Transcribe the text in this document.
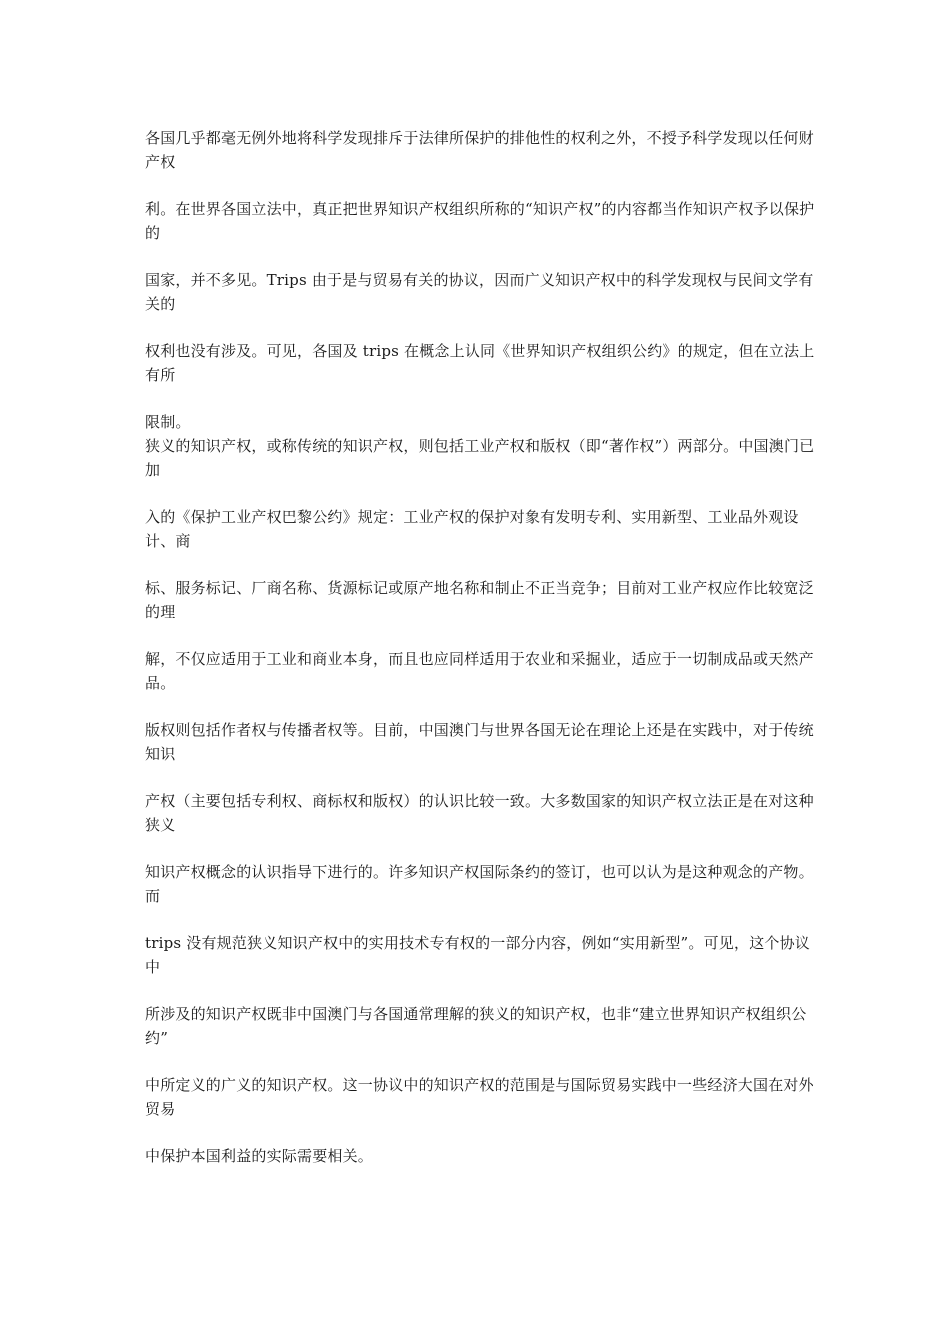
各国几乎都毫无例外地将科学发现排斥于法律所保护的排他性的权利之外，不授予科学发现以任何财产权

利。在世界各国立法中，真正把世界知识产权组织所称的“知识产权”的内容都当作知识产权予以保护的

国家，并不多见。Trips 由于是与贸易有关的协议，因而广义知识产权中的科学发现权与民间文学有关的

权利也没有涉及。可见，各国及 trips 在概念上认同《世界知识产权组织公约》的规定，但在立法上有所

限制。

狭义的知识产权，或称传统的知识产权，则包括工业产权和版权（即“著作权”）两部分。中国澳门已加

入的《保护工业产权巴黎公约》规定：工业产权的保护对象有发明专利、实用新型、工业品外观设计、商

标、服务标记、厂商名称、货源标记或原产地名称和制止不正当竞争；目前对工业产权应作比较宽泛的理

解，不仅应适用于工业和商业本身，而且也应同样适用于农业和采掘业，适应于一切制成品或天然产品。

版权则包括作者权与传播者权等。目前，中国澳门与世界各国无论在理论上还是在实践中，对于传统知识

产权（主要包括专利权、商标权和版权）的认识比较一致。大多数国家的知识产权立法正是在对这种狭义

知识产权概念的认识指导下进行的。许多知识产权国际条约的签订，也可以认为是这种观念的产物。而

trips 没有规范狭义知识产权中的实用技术专有权的一部分内容，例如“实用新型”。可见，这个协议中

所涉及的知识产权既非中国澳门与各国通常理解的狭义的知识产权，也非“建立世界知识产权组织公约”

中所定义的广义的知识产权。这一协议中的知识产权的范围是与国际贸易实践中一些经济大国在对外贸易

中保护本国利益的实际需要相关。
